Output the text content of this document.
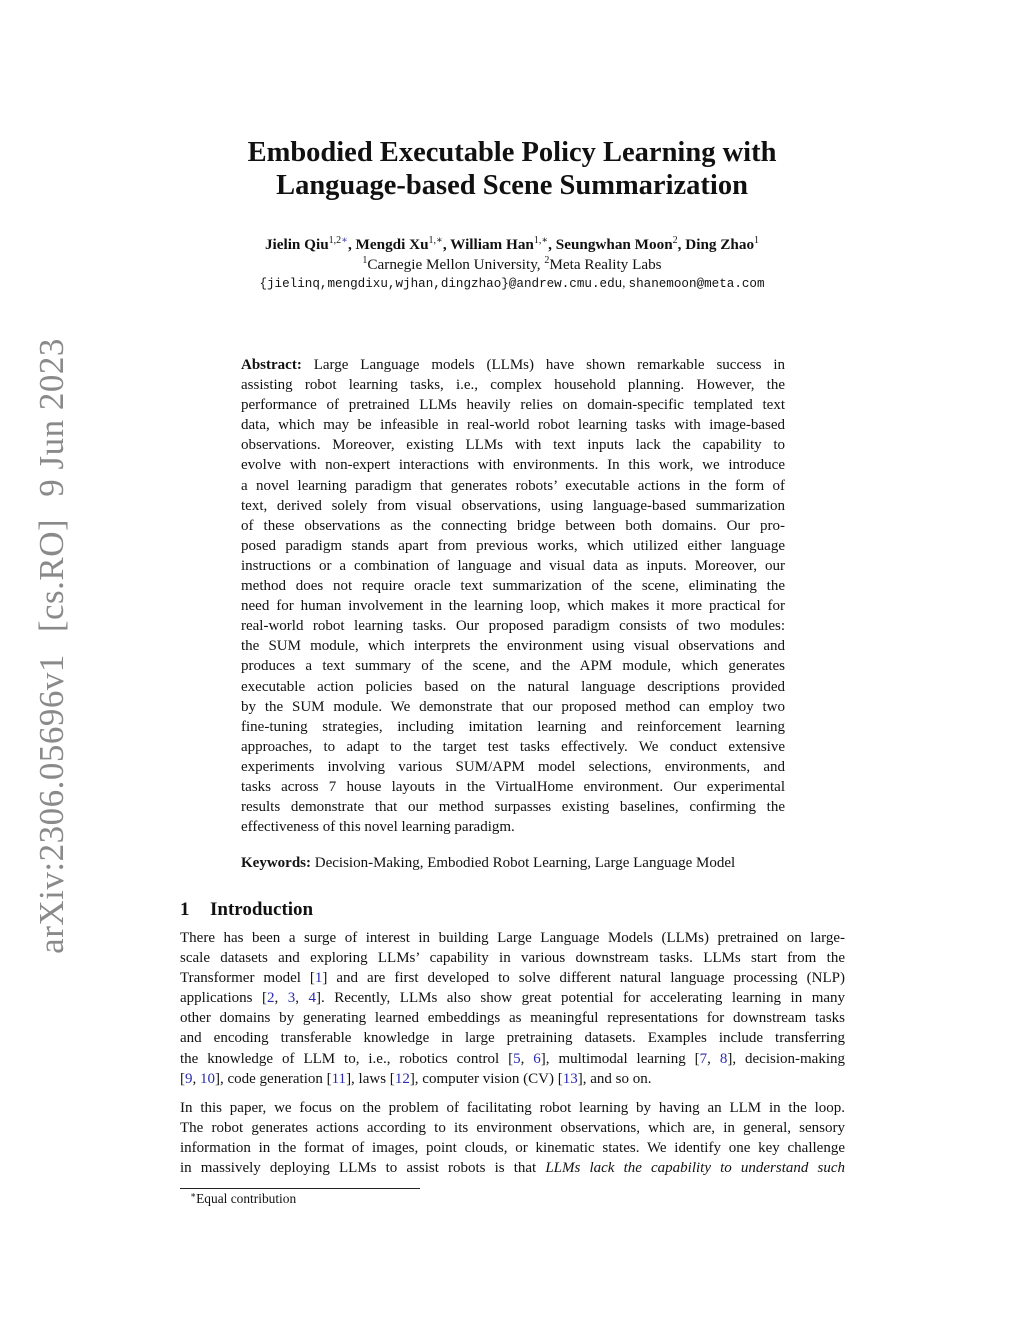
arXiv:2306.05696v1[cs.RO]9 Jun 2023
Embodied Executable Policy Learning with
Language-based Scene Summarization
Jielin Qiu$^{1,2∗}$, Mengdi $Xu^{1,∗}$, William Han$^{1,∗}$, Seungwhan Moon$^2$, Ding Zhao$^1$
$^1$Carnegie Mellon University, $^2$Meta Reality Labs
{jielinq,mengdixu,wjhan,dingzhao}@andrew.cmu.edu, shanemoon@meta.com
Abstract: Large Language models (LLMs) have shown remarkable success in
assisting robot learning tasks, i.e., complex household planning. However, the
performance of pretrained LLMs heavily relies on domain-specific templated text
data, which may be infeasible in real-world robot learning tasks with image-based
observations. Moreover, existing LLMs with text inputs lack the capability to
evolve with non-expert interactions with environments. In this work, we introduce
a novel learning paradigm that generates robots’ executable actions in the form of
text, derived solely from visual observations, using language-based summarization
of these observations as the connecting bridge between both domains. Our pro-
posed paradigm stands apart from previous works, which utilized either language
instructions or a combination of language and visual data as inputs. Moreover, our
method does not require oracle text summarization of the scene, eliminating the
need for human involvement in the learning loop, which makes it more practical for
real-world robot learning tasks. Our proposed paradigm consists of two modules:
the SUM module, which interprets the environment using visual observations and
produces a text summary of the scene, and the APM module, which generates
executable action policies based on the natural language descriptions provided
by the SUM module. We demonstrate that our proposed method can employ two
fine-tuning strategies, including imitation learning and reinforcement learning
approaches, to adapt to the target test tasks effectively. We conduct extensive
experiments involving various SUM/APM model selections, environments, and
tasks across 7 house layouts in the VirtualHome environment. Our experimental
results demonstrate that our method surpasses existing baselines, confirming the
effectiveness of this novel learning paradigm.
Keywords: Decision-Making, Embodied Robot Learning, Large Language Model
1 Introduction
There has been a surge of interest in building Large Language Models (LLMs) pretrained on large-
scale datasets and exploring LLMs’ capability in various downstream tasks. LLMs start from the
Transformer model [1] and are first developed to solve different natural language processing (NLP)
applications [2, 3, 4]. Recently, LLMs also show great potential for accelerating learning in many
other domains by generating learned embeddings as meaningful representations for downstream tasks
and encoding transferable knowledge in large pretraining datasets. Examples include transferring
the knowledge of LLM to, i.e., robotics control [5, 6], multimodal learning [7, 8], decision-making
[9, 10], code generation [11], laws [12], computer vision (CV) [13], and so on.
In this paper, we focus on the problem of facilitating robot learning by having an LLM in the loop.
The robot generates actions according to its environment observations, which are, in general, sensory
information in the format of images, point clouds, or kinematic states. We identify one key challenge
in massively deploying LLMs to assist robots is that LLMs lack the capability to understand such
∗Equal contribution
